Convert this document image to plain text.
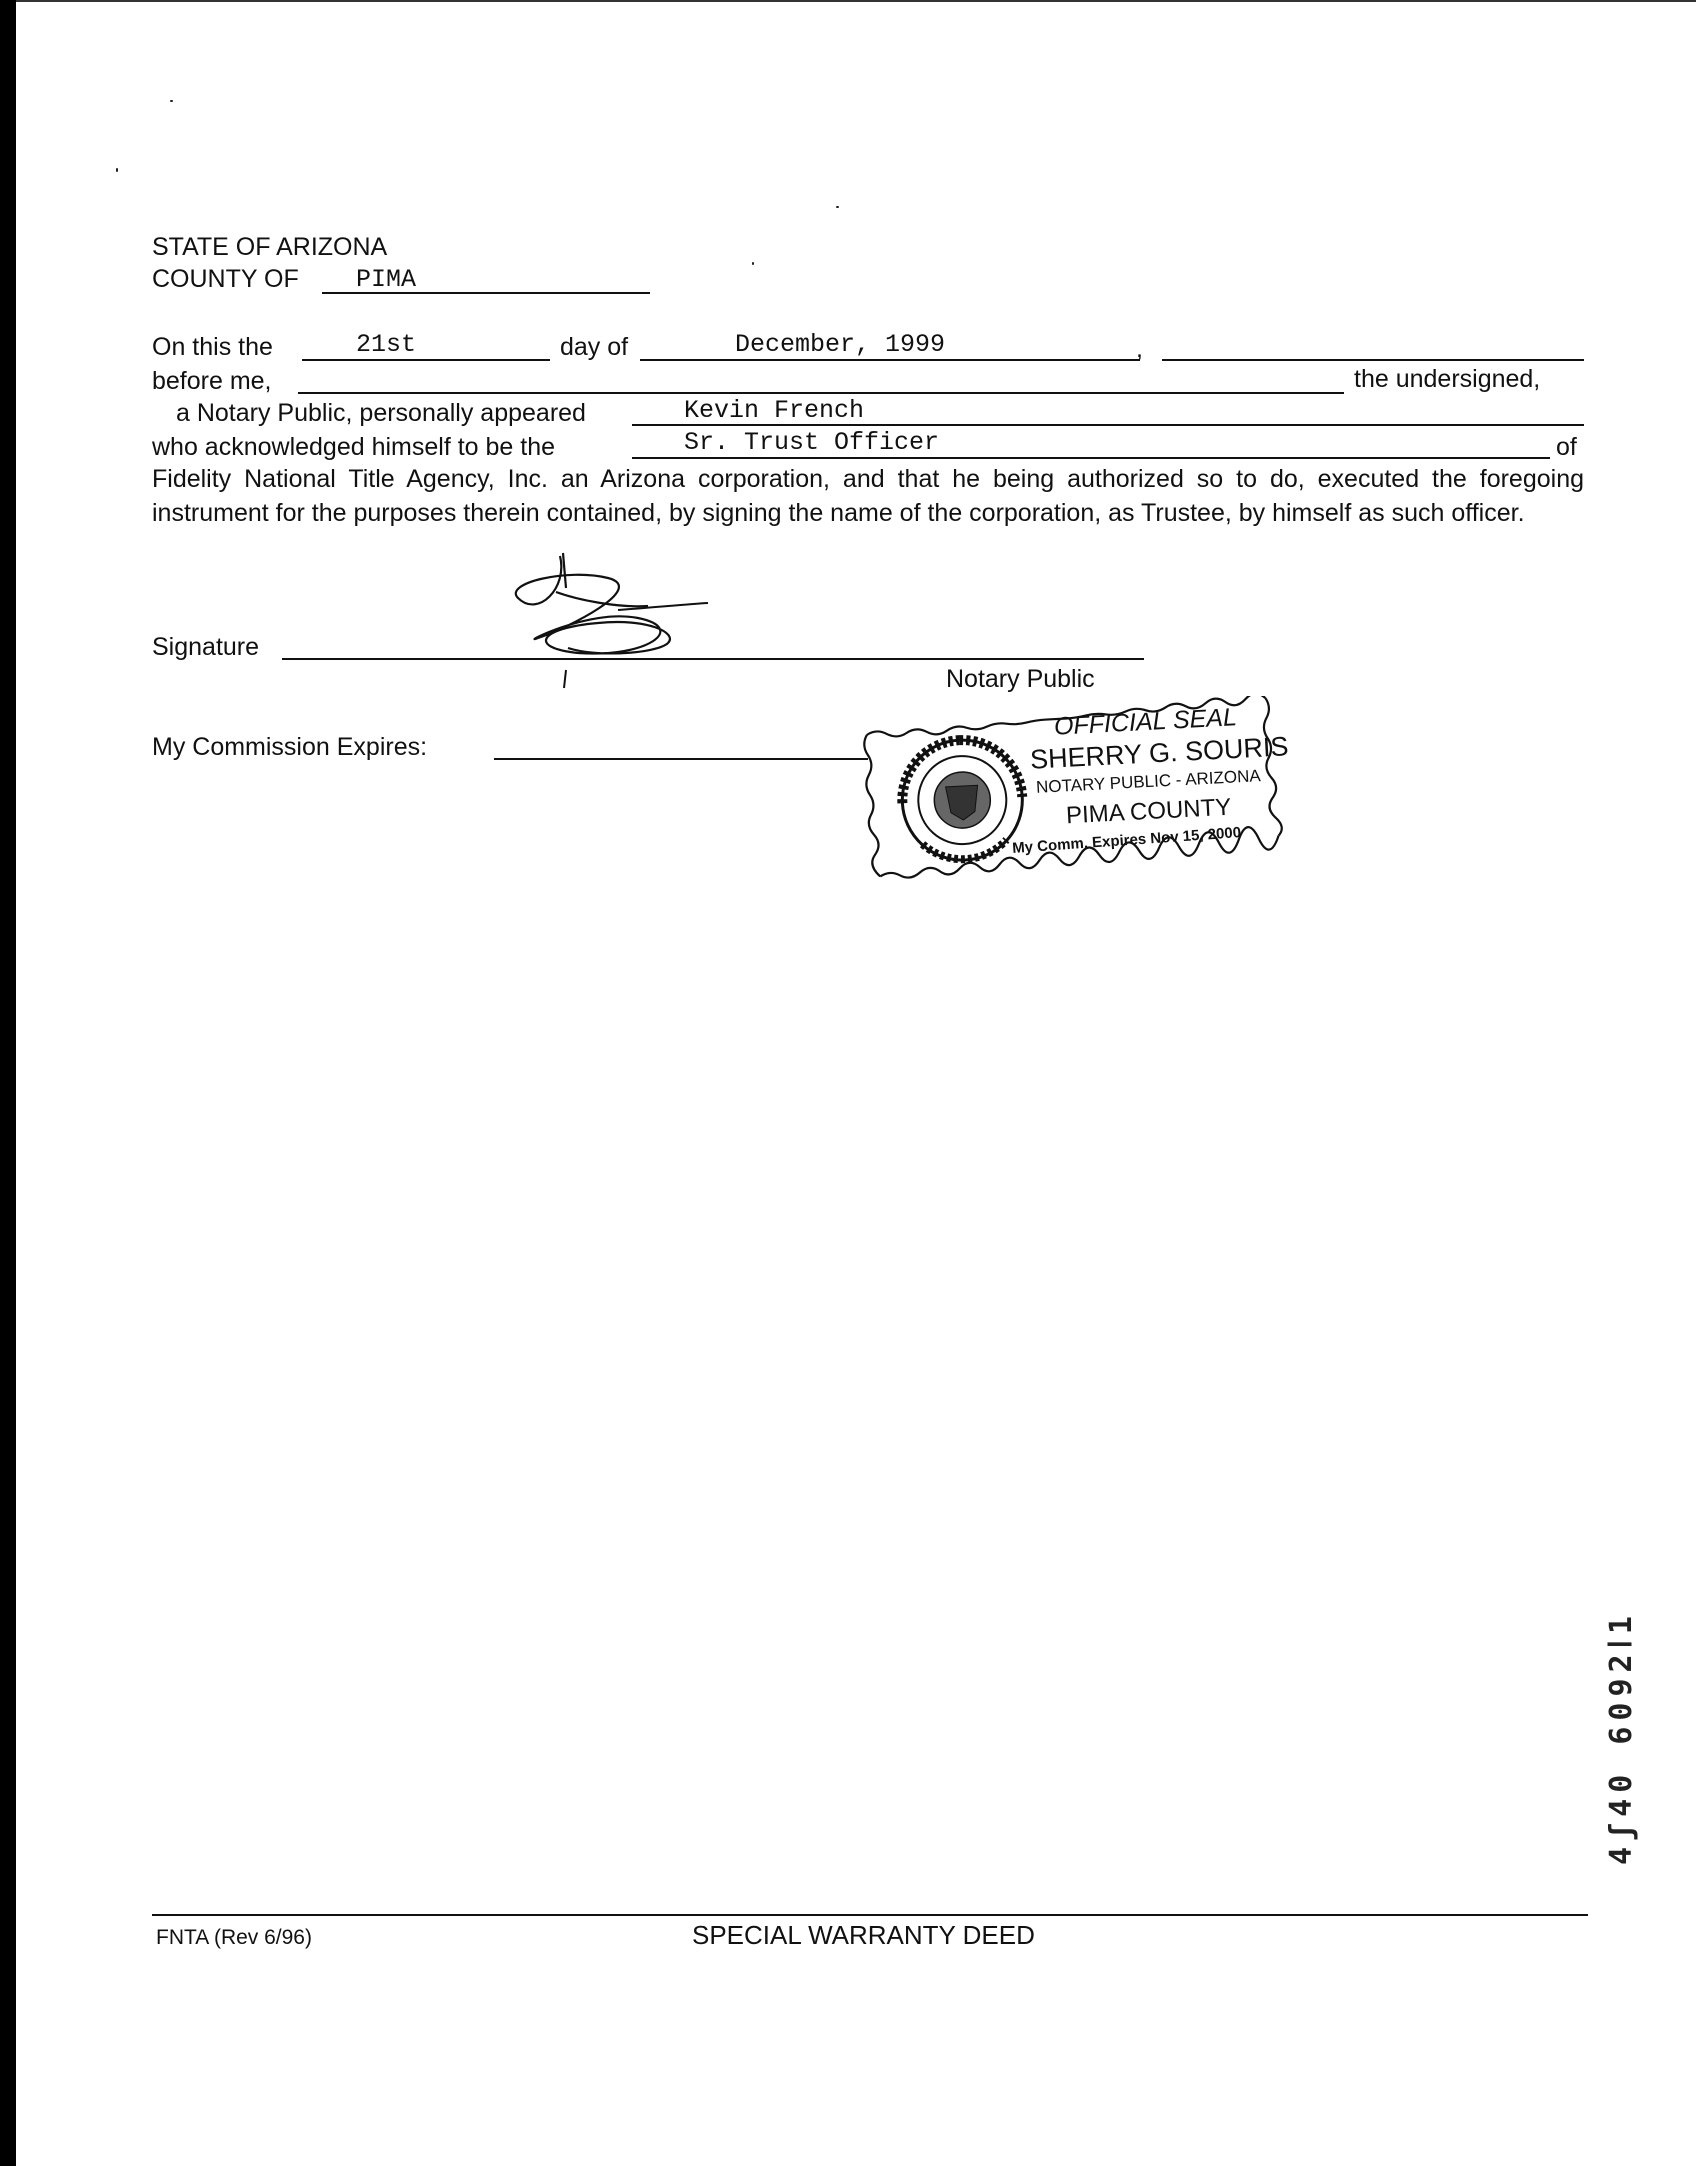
STATE OF ARIZONA
COUNTY OF PIMA
On this the	21st	day of	December, 1999	,
before me,	the undersigned,
a Notary Public, personally appeared	Kevin French
who acknowledged himself to be the	Sr. Trust Officer	of
Fidelity National Title Agency, Inc. an Arizona corporation, and that he being authorized so to do, executed the foregoing instrument for the purposes therein contained, by signing the name of the corporation, as Trustee, by himself as such officer.
Signature
Notary Public
My Commission Expires:
OFFICIAL SEAL
SHERRY G. SOURIS
NOTARY PUBLIC - ARIZONA
PIMA COUNTY
My Comm. Expires Nov 15, 2000
FNTA (Rev 6/96)	SPECIAL WARRANTY DEED
4ʃ40 6092ⅼ1
